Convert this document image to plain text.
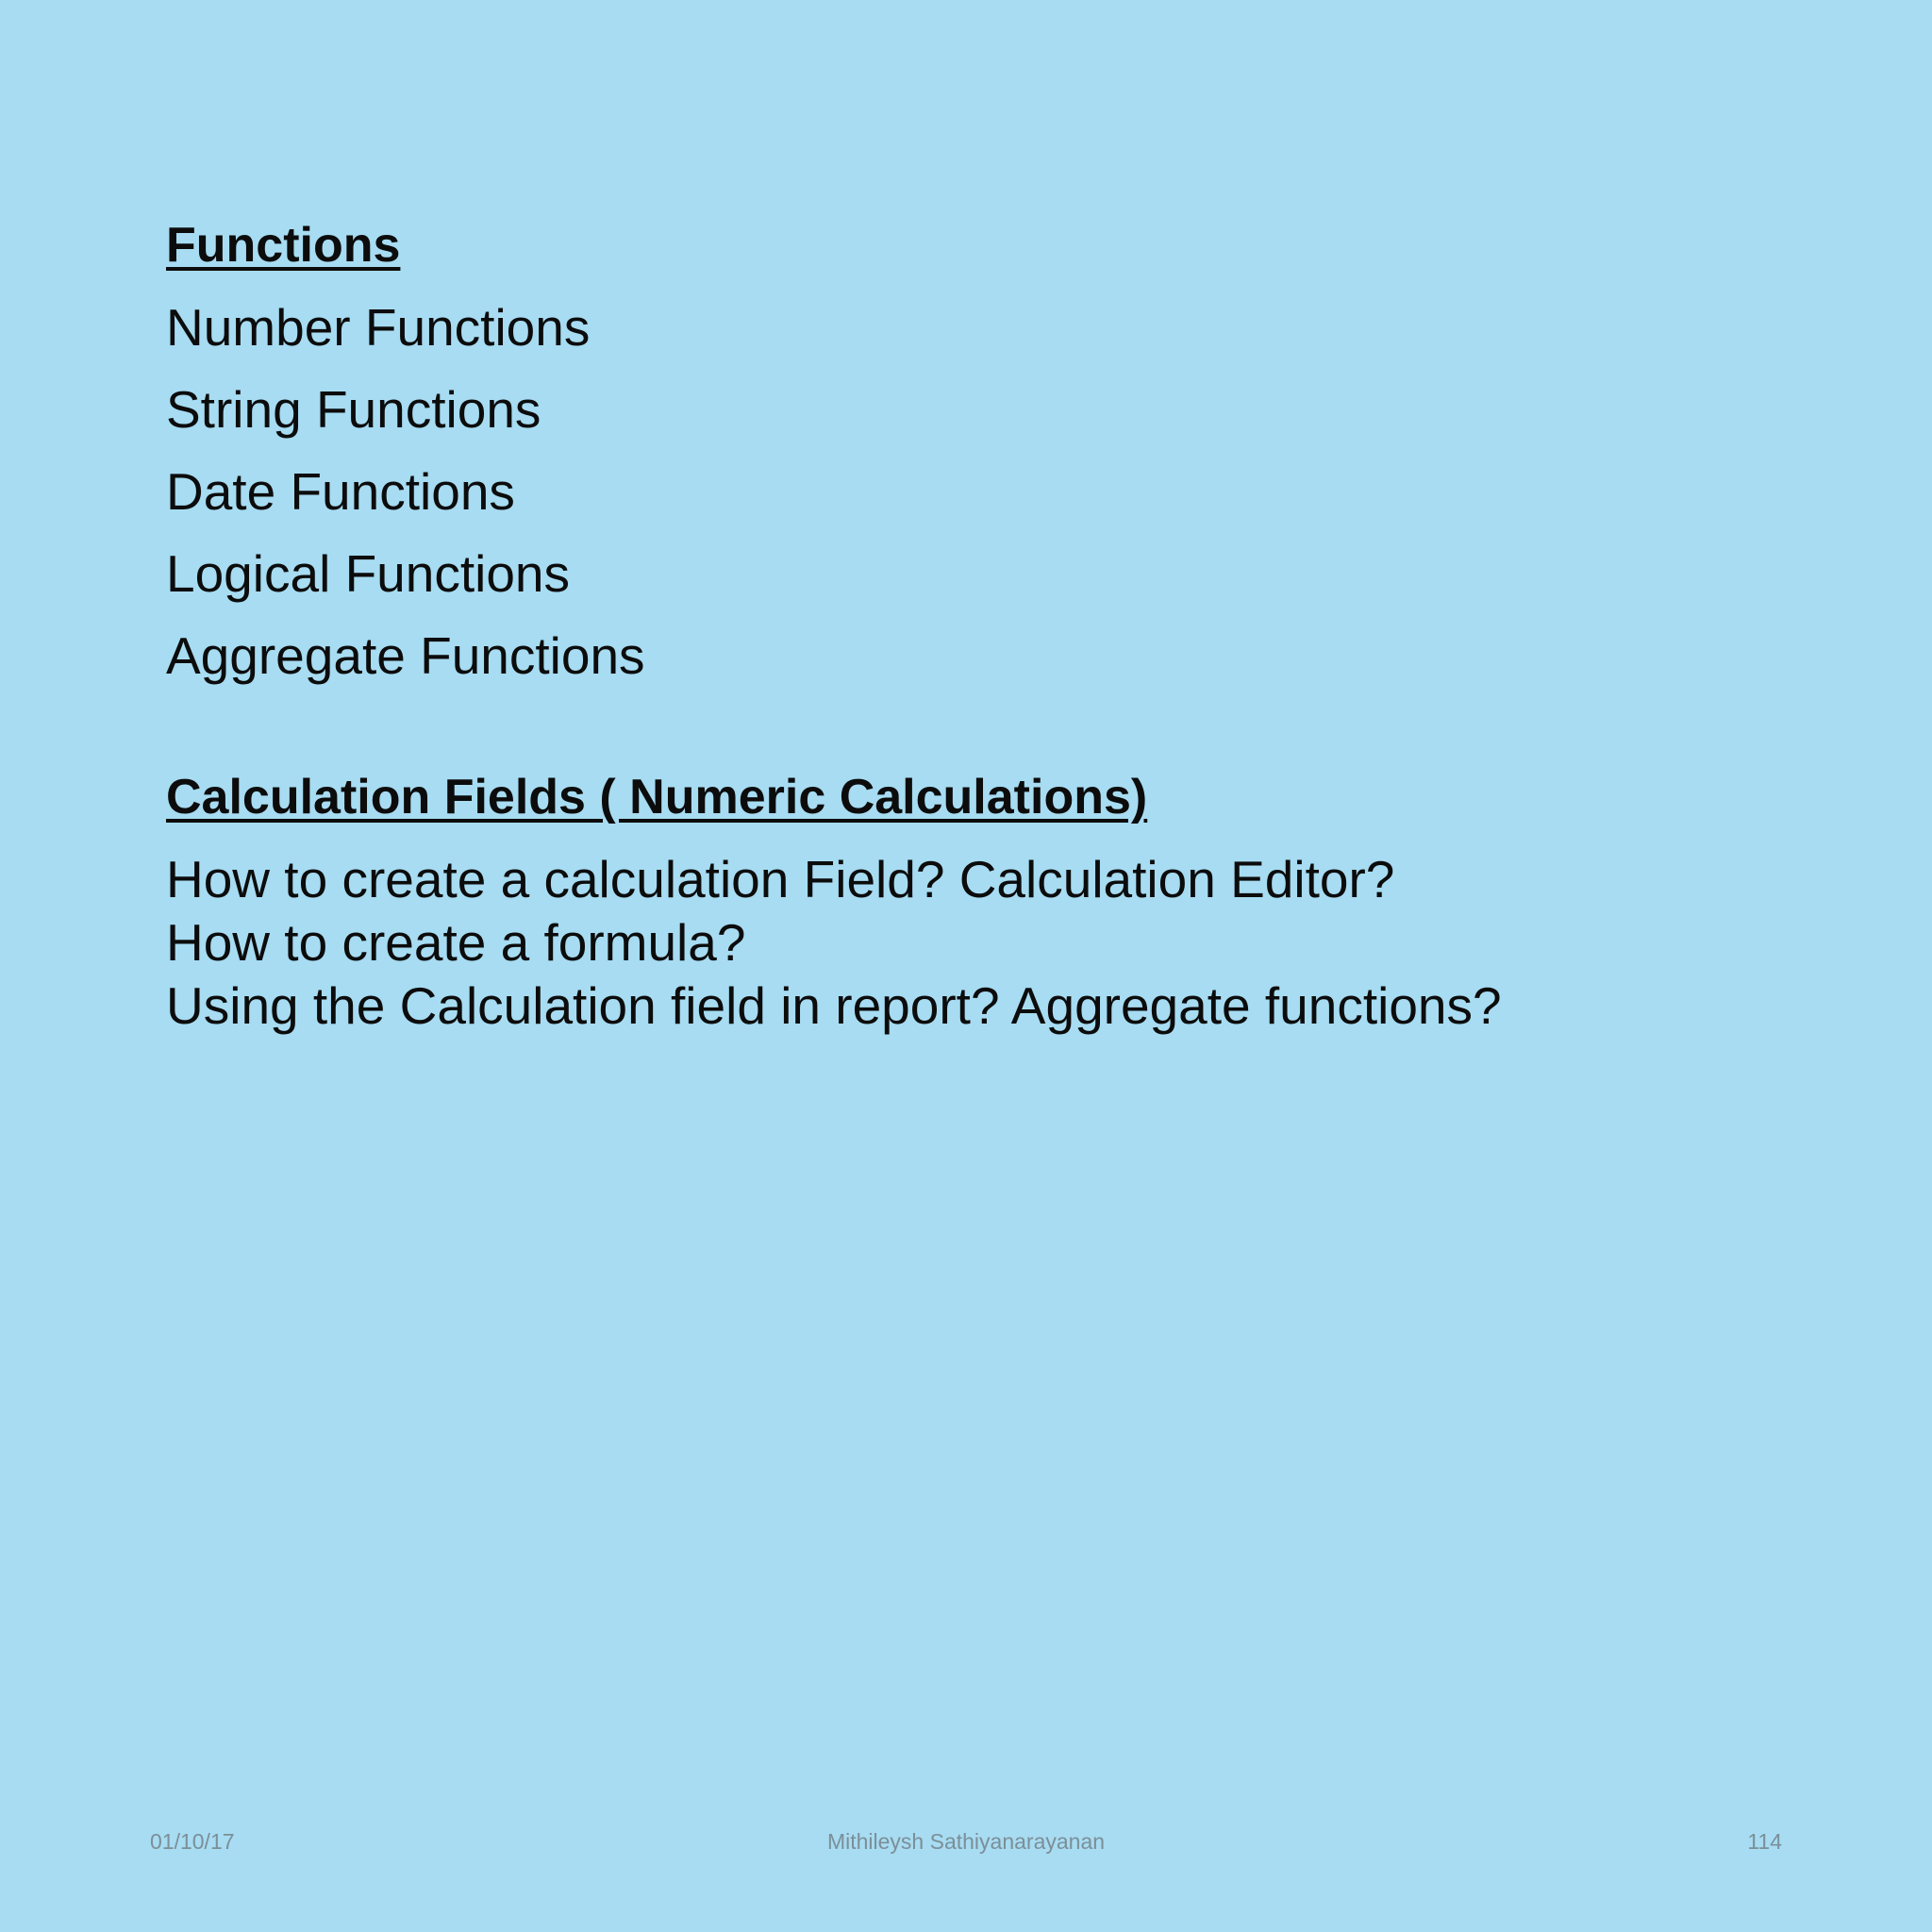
Functions
Number Functions
String Functions
Date Functions
Logical Functions
Aggregate Functions
Calculation Fields ( Numeric Calculations)
How to create a calculation Field? Calculation Editor?
How to create a formula?
Using the Calculation field in report? Aggregate functions?
Mithileysh Sathiyanarayanan
01/10/17	114
